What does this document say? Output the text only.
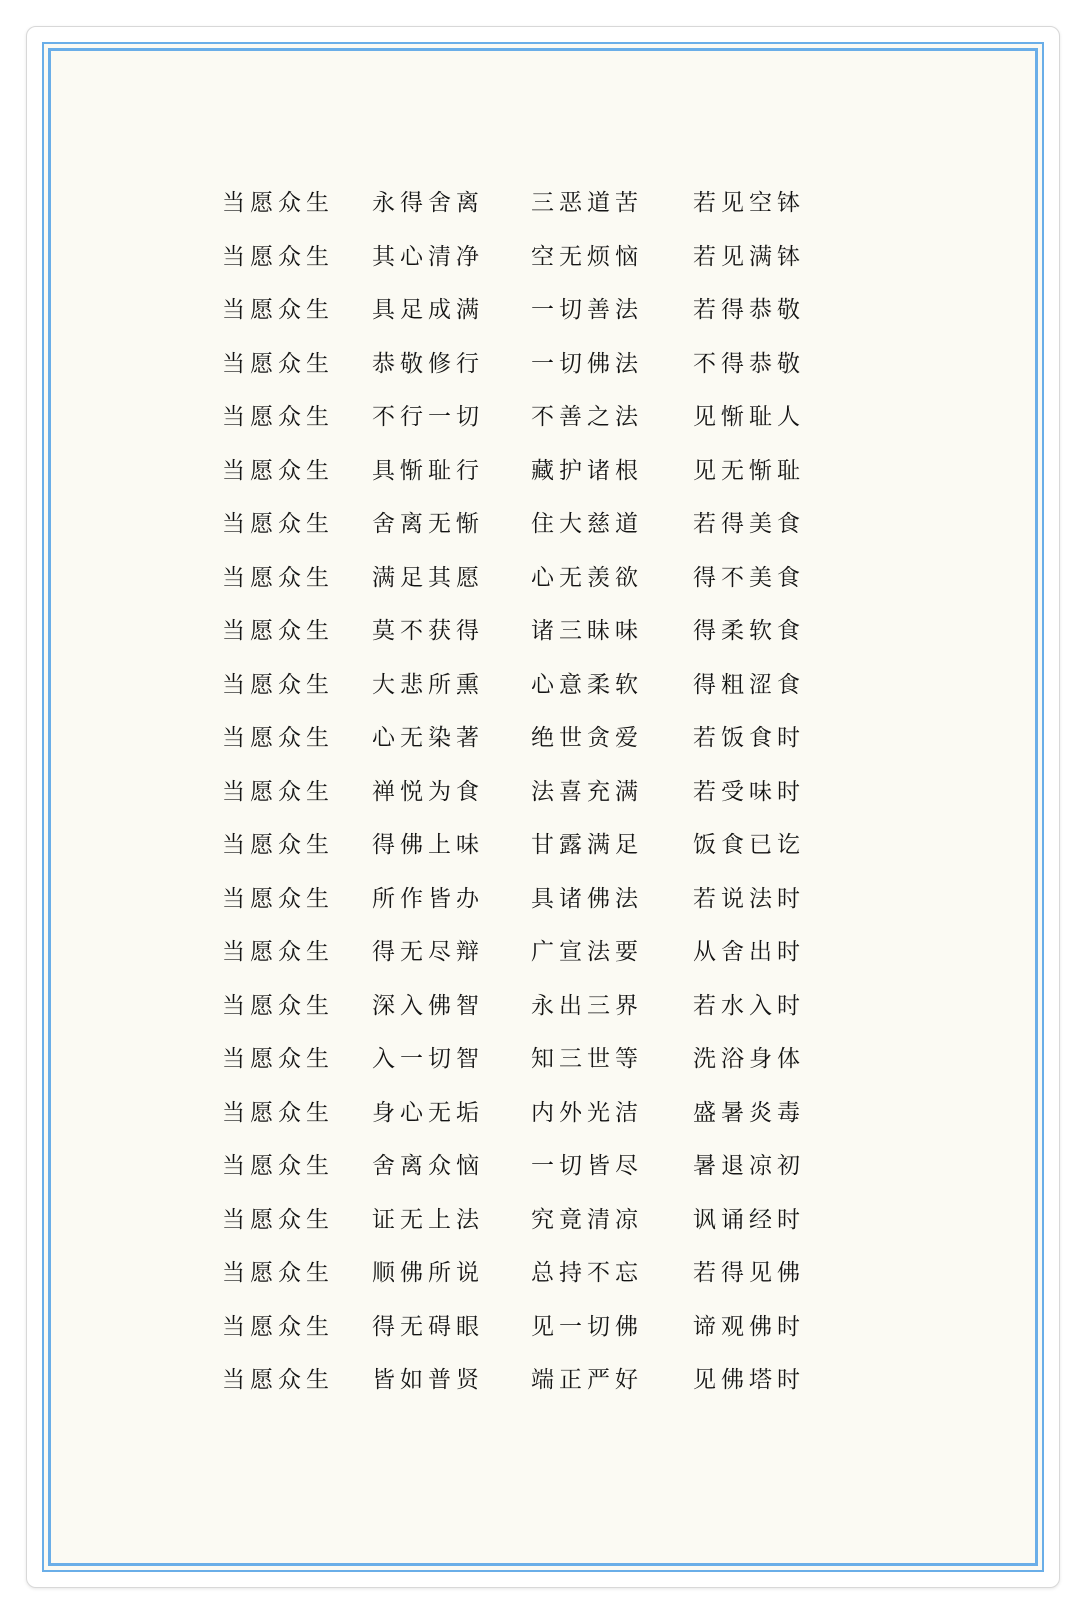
当愿众生 永得舍离 三恶道苦 若见空钵
当愿众生 其心清净 空无烦恼 若见满钵
当愿众生 具足成满 一切善法 若得恭敬
当愿众生 恭敬修行 一切佛法 不得恭敬
当愿众生 不行一切 不善之法 见惭耻人
当愿众生 具惭耻行 藏护诸根 见无惭耻
当愿众生 舍离无惭 住大慈道 若得美食
当愿众生 满足其愿 心无羡欲 得不美食
当愿众生 莫不获得 诸三昧味 得柔软食
当愿众生 大悲所熏 心意柔软 得粗涩食
当愿众生 心无染著 绝世贪爱 若饭食时
当愿众生 禅悦为食 法喜充满 若受味时
当愿众生 得佛上味 甘露满足 饭食已讫
当愿众生 所作皆办 具诸佛法 若说法时
当愿众生 得无尽辩 广宣法要 从舍出时
当愿众生 深入佛智 永出三界 若水入时
当愿众生 入一切智 知三世等 洗浴身体
当愿众生 身心无垢 内外光洁 盛暑炎毒
当愿众生 舍离众恼 一切皆尽 暑退凉初
当愿众生 证无上法 究竟清凉 讽诵经时
当愿众生 顺佛所说 总持不忘 若得见佛
当愿众生 得无碍眼 见一切佛 谛观佛时
当愿众生 皆如普贤 端正严好 见佛塔时
